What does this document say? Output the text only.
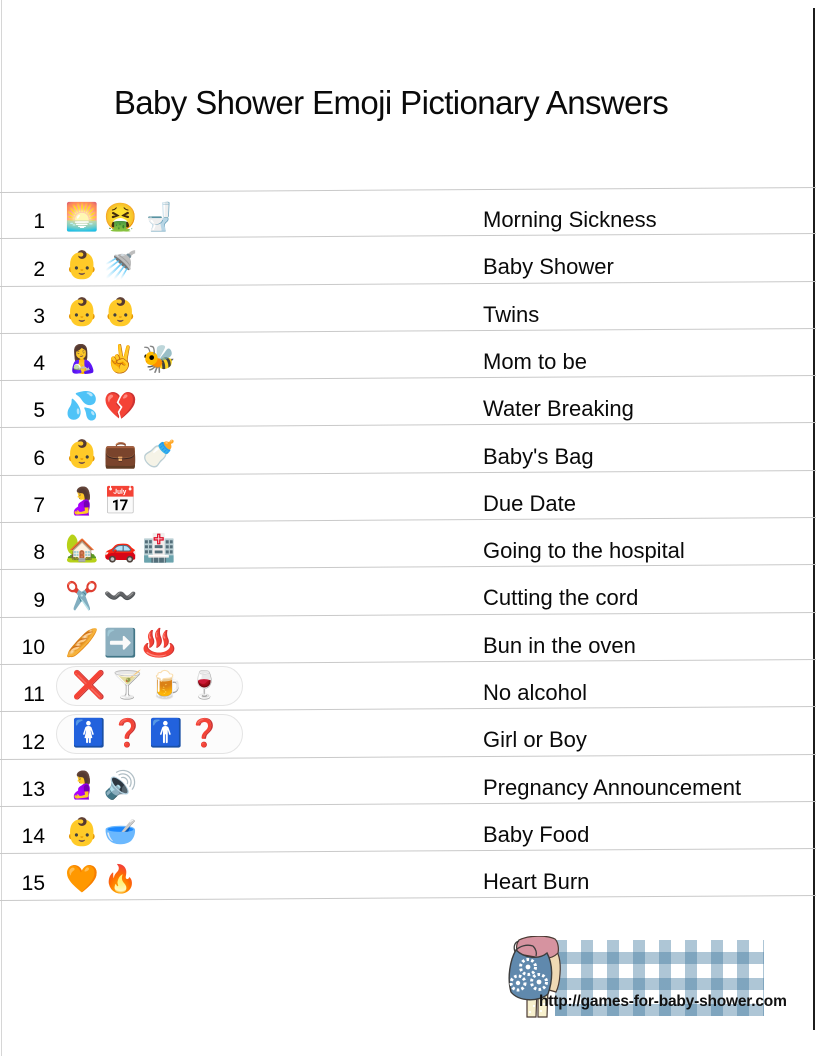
Baby Shower Emoji Pictionary Answers
1 🌅 🤮 🚽	Morning Sickness
2 👶 🚿	Baby Shower
3 👶 👶	Twins
4 🤱 ✌️ 🐝	Mom to be
5 💦 💔	Water Breaking
6 👶 💼 🍼	Baby's Bag
7 🤰 📅	Due Date
8 🏡 🚗 🏥	Going to the hospital
9 ✂️ 〰️	Cutting the cord
10 🥖 ➡️ ♨️	Bun in the oven
11	❌ 🍸 🍺 🍷	No alcohol
12	🚺 ❓ 🚹 ❓	Girl or Boy
13 🤰 🔊	Pregnancy Announcement
14 👶 🥣	Baby Food
15 🧡 🔥	Heart Burn
http://games-for-baby-shower.com
